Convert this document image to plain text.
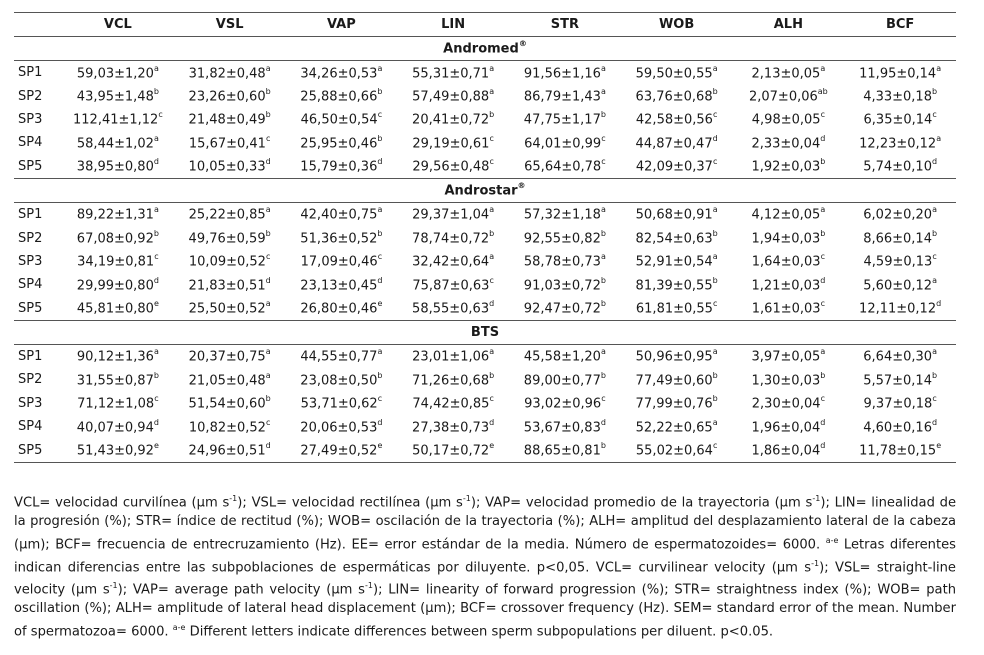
	VCL	VSL	VAP	LIN	STR	WOB	ALH	BCF
Andromed®
SP1	59,03±1,20$^a$	31,82±0,48$^a$	34,26±0,53$^a$	55,31±0,71$^a$	91,56±1,16$^a$	59,50±0,55$^a$	2,13±0,05$^a$	11,95±0,14$^a$
SP2	43,95±1,48$^b$	23,26±0,60$^b$	25,88±0,66$^b$	57,49±0,88$^a$	86,79±1,43$^a$	63,76±0,68$^b$	2,07±0,06$^{ab}$	4,33±0,18$^b$
SP3	112,41±1,12$^c$	21,48±0,49$^b$	46,50±0,54$^c$	20,41±0,72$^b$	47,75±1,17$^b$	42,58±0,56$^c$	4,98±0,05$^c$	6,35±0,14$^c$
SP4	58,44±1,02$^a$	15,67±0,41$^c$	25,95±0,46$^b$	29,19±0,61$^c$	64,01±0,99$^c$	44,87±0,47$^d$	2,33±0,04$^d$	12,23±0,12$^a$
SP5	38,95±0,80$^d$	10,05±0,33$^d$	15,79±0,36$^d$	29,56±0,48$^c$	65,64±0,78$^c$	42,09±0,37$^c$	1,92±0,03$^b$	5,74±0,10$^d$
Androstar®
SP1	89,22±1,31$^a$	25,22±0,85$^a$	42,40±0,75$^a$	29,37±1,04$^a$	57,32±1,18$^a$	50,68±0,91$^a$	4,12±0,05$^a$	6,02±0,20$^a$
SP2	67,08±0,92$^b$	49,76±0,59$^b$	51,36±0,52$^b$	78,74±0,72$^b$	92,55±0,82$^b$	82,54±0,63$^b$	1,94±0,03$^b$	8,66±0,14$^b$
SP3	34,19±0,81$^c$	10,09±0,52$^c$	17,09±0,46$^c$	32,42±0,64$^a$	58,78±0,73$^a$	52,91±0,54$^a$	1,64±0,03$^c$	4,59±0,13$^c$
SP4	29,99±0,80$^d$	21,83±0,51$^d$	23,13±0,45$^d$	75,87±0,63$^c$	91,03±0,72$^b$	81,39±0,55$^b$	1,21±0,03$^d$	5,60±0,12$^a$
SP5	45,81±0,80$^e$	25,50±0,52$^a$	26,80±0,46$^e$	58,55±0,63$^d$	92,47±0,72$^b$	61,81±0,55$^c$	1,61±0,03$^c$	12,11±0,12$^d$
BTS								
SP1	90,12±1,36$^a$	20,37±0,75$^a$	44,55±0,77$^a$	23,01±1,06$^a$	45,58±1,20$^a$	50,96±0,95$^a$	3,97±0,05$^a$	6,64±0,30$^a$
SP2	31,55±0,87$^b$	21,05±0,48$^a$	23,08±0,50$^b$	71,26±0,68$^b$	89,00±0,77$^b$	77,49±0,60$^b$	1,30±0,03$^b$	5,57±0,14$^b$
SP3	71,12±1,08$^c$	51,54±0,60$^b$	53,71±0,62$^c$	74,42±0,85$^c$	93,02±0,96$^c$	77,99±0,76$^b$	2,30±0,04$^c$	9,37±0,18$^c$
SP4	40,07±0,94$^d$	10,82±0,52$^c$	20,06±0,53$^d$	27,38±0,73$^d$	53,67±0,83$^d$	52,22±0,65$^a$	1,96±0,04$^d$	4,60±0,16$^d$
SP5	51,43±0,92$^e$	24,96±0,51$^d$	27,49±0,52$^e$	50,17±0,72$^e$	88,65±0,81$^b$	55,02±0,64$^c$	1,86±0,04$^d$	11,78±0,15$^e$

VCL= velocidad curvilínea (µm $s^{-1}$); VSL= velocidad rectilínea (µm $s^{-1}$); VAP= velocidad promedio de la trayectoria (µm $s^{-1}$); LIN= linealidad de la progresión (%); STR= índice de rectitud (%); WOB= oscilación de la trayectoria (%); ALH= amplitud del desplazamiento lateral de la cabeza (µm); BCF= frecuencia de entrecruzamiento (Hz). EE= error estándar de la media. Número de espermatozoides= 6000. $^{a-e}$ Letras diferentes indican diferencias entre las subpoblaciones de espermáticas por diluyente. p<0,05. VCL= curvilinear velocity (µm $s^{-1}$); VSL= straight-line velocity (µm $s^{-1}$); VAP= average path velocity (µm $s^{-1}$); LIN= linearity of forward progression (%); STR= straightness index (%); WOB= path oscillation (%); ALH= amplitude of lateral head displacement (µm); BCF= crossover frequency (Hz). SEM= standard error of the mean. Number of spermatozoa= 6000. $^{a-e}$ Different letters indicate differences between sperm subpopulations per diluent. p<0.05.
